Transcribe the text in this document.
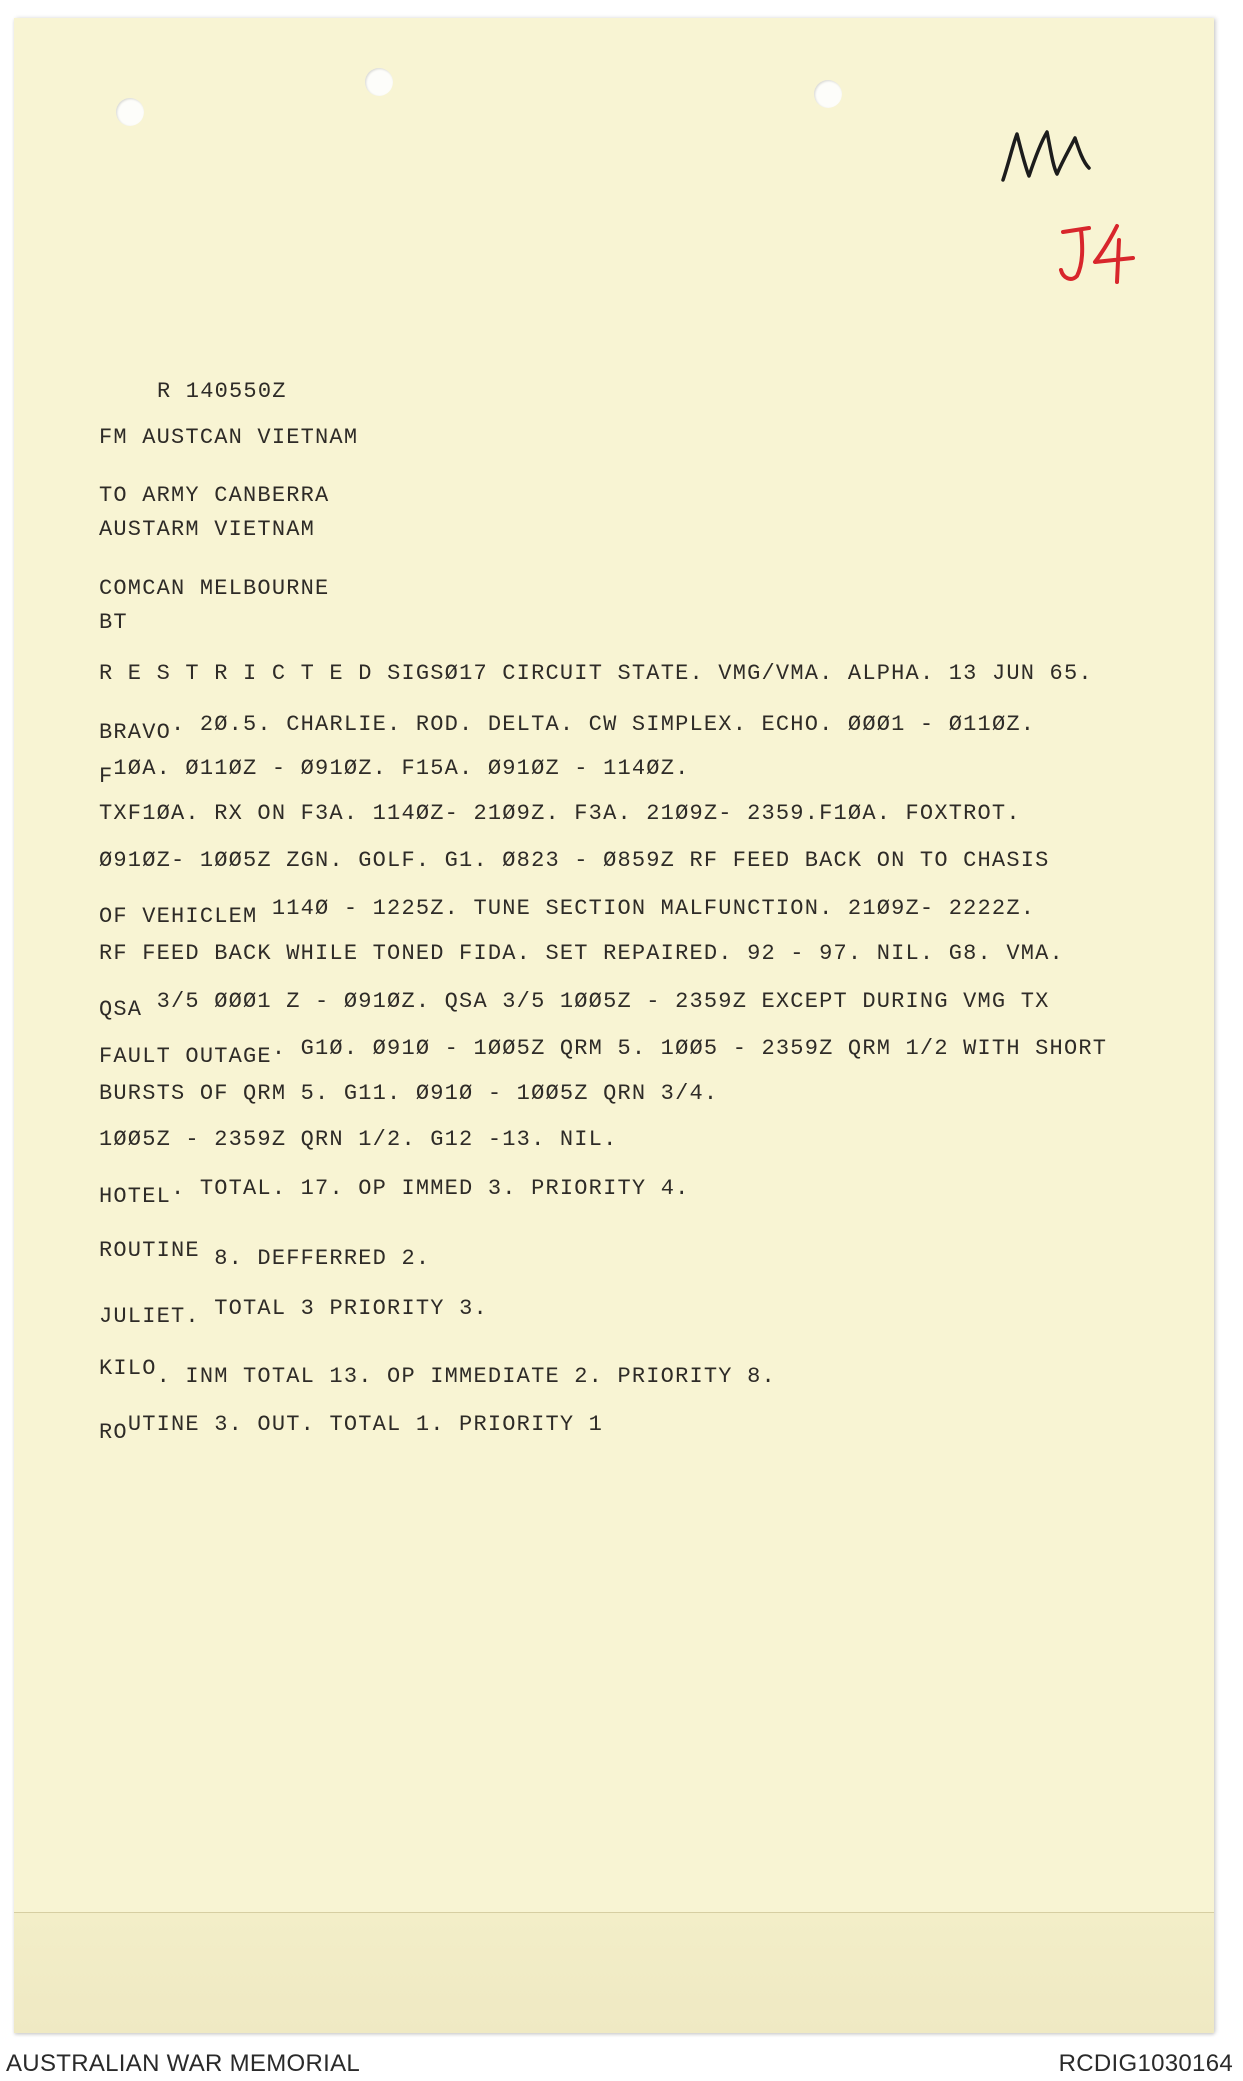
R 140550Z

FM AUSTCAN VIETNAM

TO ARMY CANBERRA

AUSTARM VIETNAM

COMCAN MELBOURNE

BT

R E S T R I C T E D SIGSØ17 CIRCUIT STATE. VMG/VMA. ALPHA. 13 JUN 65.

$_{BRAVO}$. 2Ø.5. CHARLIE. ROD. DELTA. CW SIMPLEX. ECHO. ØØØ1 - Ø11ØZ.

$_F$1ØA. Ø11ØZ - Ø91ØZ. F15A. Ø91ØZ - 114ØZ.

TXF1ØA. RX ON F3A. 114ØZ- 21Ø9Z. F3A. 21Ø9Z- 2359.F1ØA. FOXTROT.

Ø91ØZ- 1ØØ5Z ZGN. GOLF. G1. Ø823 - Ø859Z RF FEED BACK ON TO CHASIS

$_{OF VEHICLEM}$ 114Ø - 1225Z. TUNE SECTION MALFUNCTION. 21Ø9Z- 2222Z.

RF FEED BACK WHILE TONED FIDA. SET REPAIRED. 92 - 97. NIL. G8. VMA.

$_{QSA}$ 3/5 ØØØ1 Z - Ø91ØZ. QSA 3/5 1ØØ5Z - 2359Z EXCEPT DURING VMG TX

$_{FAULT OUTAGE}$. G1Ø. Ø91Ø - 1ØØ5Z QRM 5. 1ØØ5 - 2359Z QRM 1/2 WITH SHORT

BURSTS OF QRM 5. G11. Ø91Ø - 1ØØ5Z QRN 3/4.

1ØØ5Z - 2359Z QRN 1/2. G12 -13. NIL.

$_{HOTEL}$. TOTAL. 17. OP IMMED 3. PRIORITY 4.

ROUTINE $_{8. DEFFERRED 2.}$

$_{JULIET.}$ TOTAL 3 PRIORITY 3.

$KILO_{. INM TOTAL 13. OP IMMEDIATE 2. PRIORITY 8.}$

$_{RO}$UTINE 3. OUT. TOTAL 1. PRIORITY 1

AUSTRALIAN WAR MEMORIAL	RCDIG1030164
